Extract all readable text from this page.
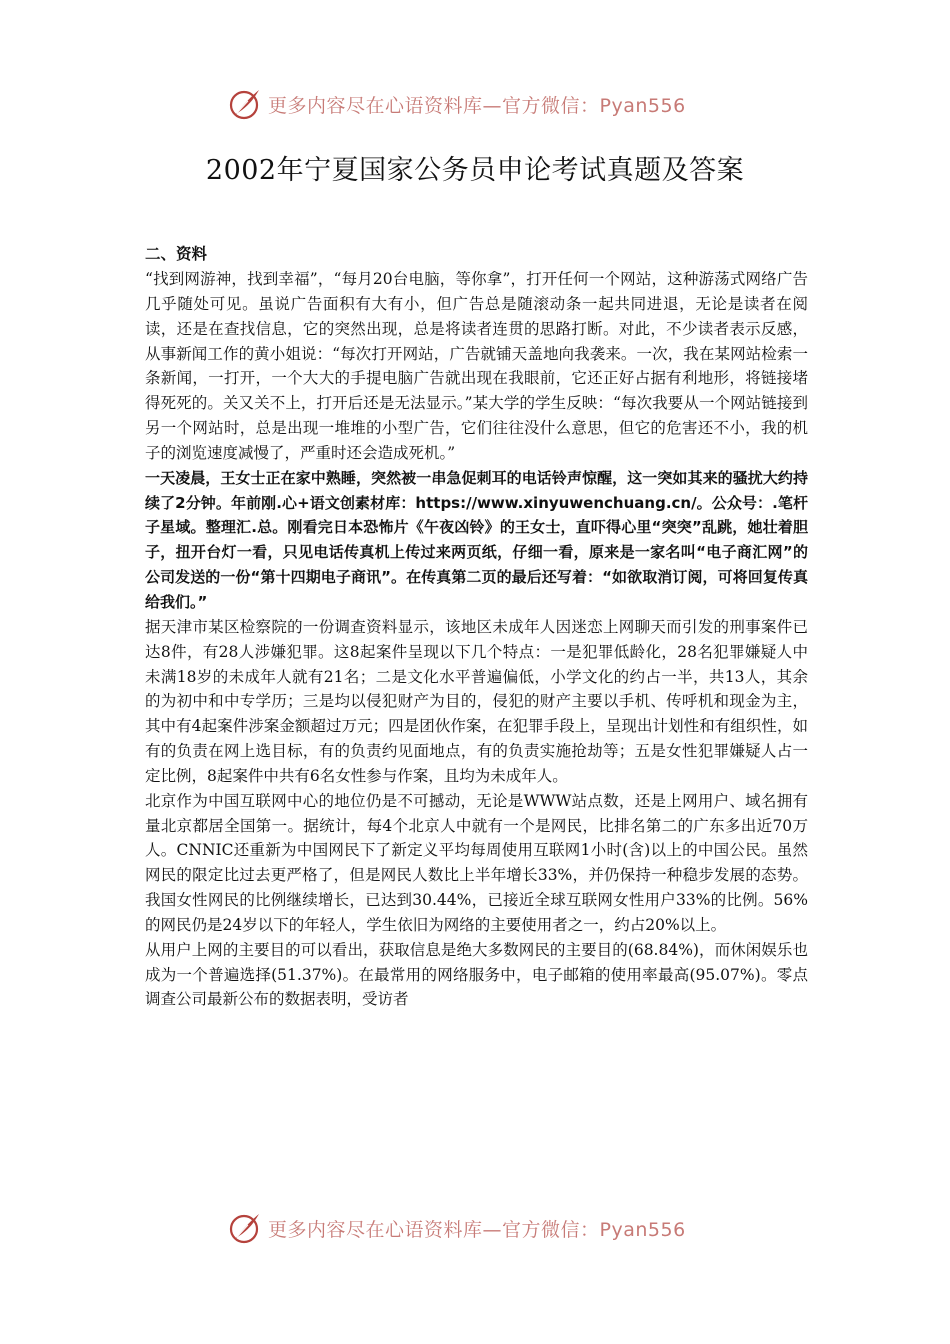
更多内容尽在心语资料库—官方微信：Pyan556
2002年宁夏国家公务员申论考试真题及答案

二、资料

“找到网游神，找到幸福”，“每月20台电脑，等你拿”，打开任何一个网站，这种游荡式网络广告几乎随处可见。虽说广告面积有大有小，但广告总是随滚动条一起共同进退，无论是读者在阅读，还是在查找信息，它的突然出现，总是将读者连贯的思路打断。对此，不少读者表示反感，从事新闻工作的黄小姐说：“每次打开网站，广告就铺天盖地向我袭来。一次，我在某网站检索一条新闻，一打开，一个大大的手提电脑广告就出现在我眼前，它还正好占据有利地形，将链接堵得死死的。关又关不上，打开后还是无法显示。”某大学的学生反映：“每次我要从一个网站链接到另一个网站时，总是出现一堆堆的小型广告，它们往往没什么意思，但它的危害还不小，我的机子的浏览速度减慢了，严重时还会造成死机。”

一天凌晨，王女士正在家中熟睡，突然被一串急促刺耳的电话铃声惊醒，这一突如其来的骚扰大约持续了2分钟。年前刚.心+语文创素材库：https://www.xinyuwenchuang.cn/。公众号：.笔杆子星域。整理汇.总。刚看完日本恐怖片《午夜凶铃》的王女士，直吓得心里“突突”乱跳，她壮着胆子，扭开台灯一看，只见电话传真机上传过来两页纸，仔细一看，原来是一家名叫“电子商汇网”的公司发送的一份“第十四期电子商讯”。在传真第二页的最后还写着：“如欲取消订阅，可将回复传真给我们。”

据天津市某区检察院的一份调查资料显示，该地区未成年人因迷恋上网聊天而引发的刑事案件已达8件，有28人涉嫌犯罪。这8起案件呈现以下几个特点：一是犯罪低龄化，28名犯罪嫌疑人中未满18岁的未成年人就有21名；二是文化水平普遍偏低，小学文化的约占一半，共13人，其余的为初中和中专学历；三是均以侵犯财产为目的，侵犯的财产主要以手机、传呼机和现金为主，其中有4起案件涉案金额超过万元；四是团伙作案，在犯罪手段上，呈现出计划性和有组织性，如有的负责在网上选目标，有的负责约见面地点，有的负责实施抢劫等；五是女性犯罪嫌疑人占一定比例，8起案件中共有6名女性参与作案，且均为未成年人。

北京作为中国互联网中心的地位仍是不可撼动，无论是WWW站点数，还是上网用户、域名拥有量北京都居全国第一。据统计，每4个北京人中就有一个是网民，比排名第二的广东多出近70万人。CNNIC还重新为中国网民下了新定义平均每周使用互联网1小时(含)以上的中国公民。虽然网民的限定比过去更严格了，但是网民人数比上半年增长33%，并仍保持一种稳步发展的态势。我国女性网民的比例继续增长，已达到30.44%，已接近全球互联网女性用户33%的比例。56%的网民仍是24岁以下的年轻人，学生依旧为网络的主要使用者之一，约占20%以上。

从用户上网的主要目的可以看出，获取信息是绝大多数网民的主要目的(68.84%)，而休闲娱乐也成为一个普遍选择(51.37%)。在最常用的网络服务中，电子邮箱的使用率最高(95.07%)。零点调查公司最新公布的数据表明，受访者

更多内容尽在心语资料库—官方微信：Pyan556
